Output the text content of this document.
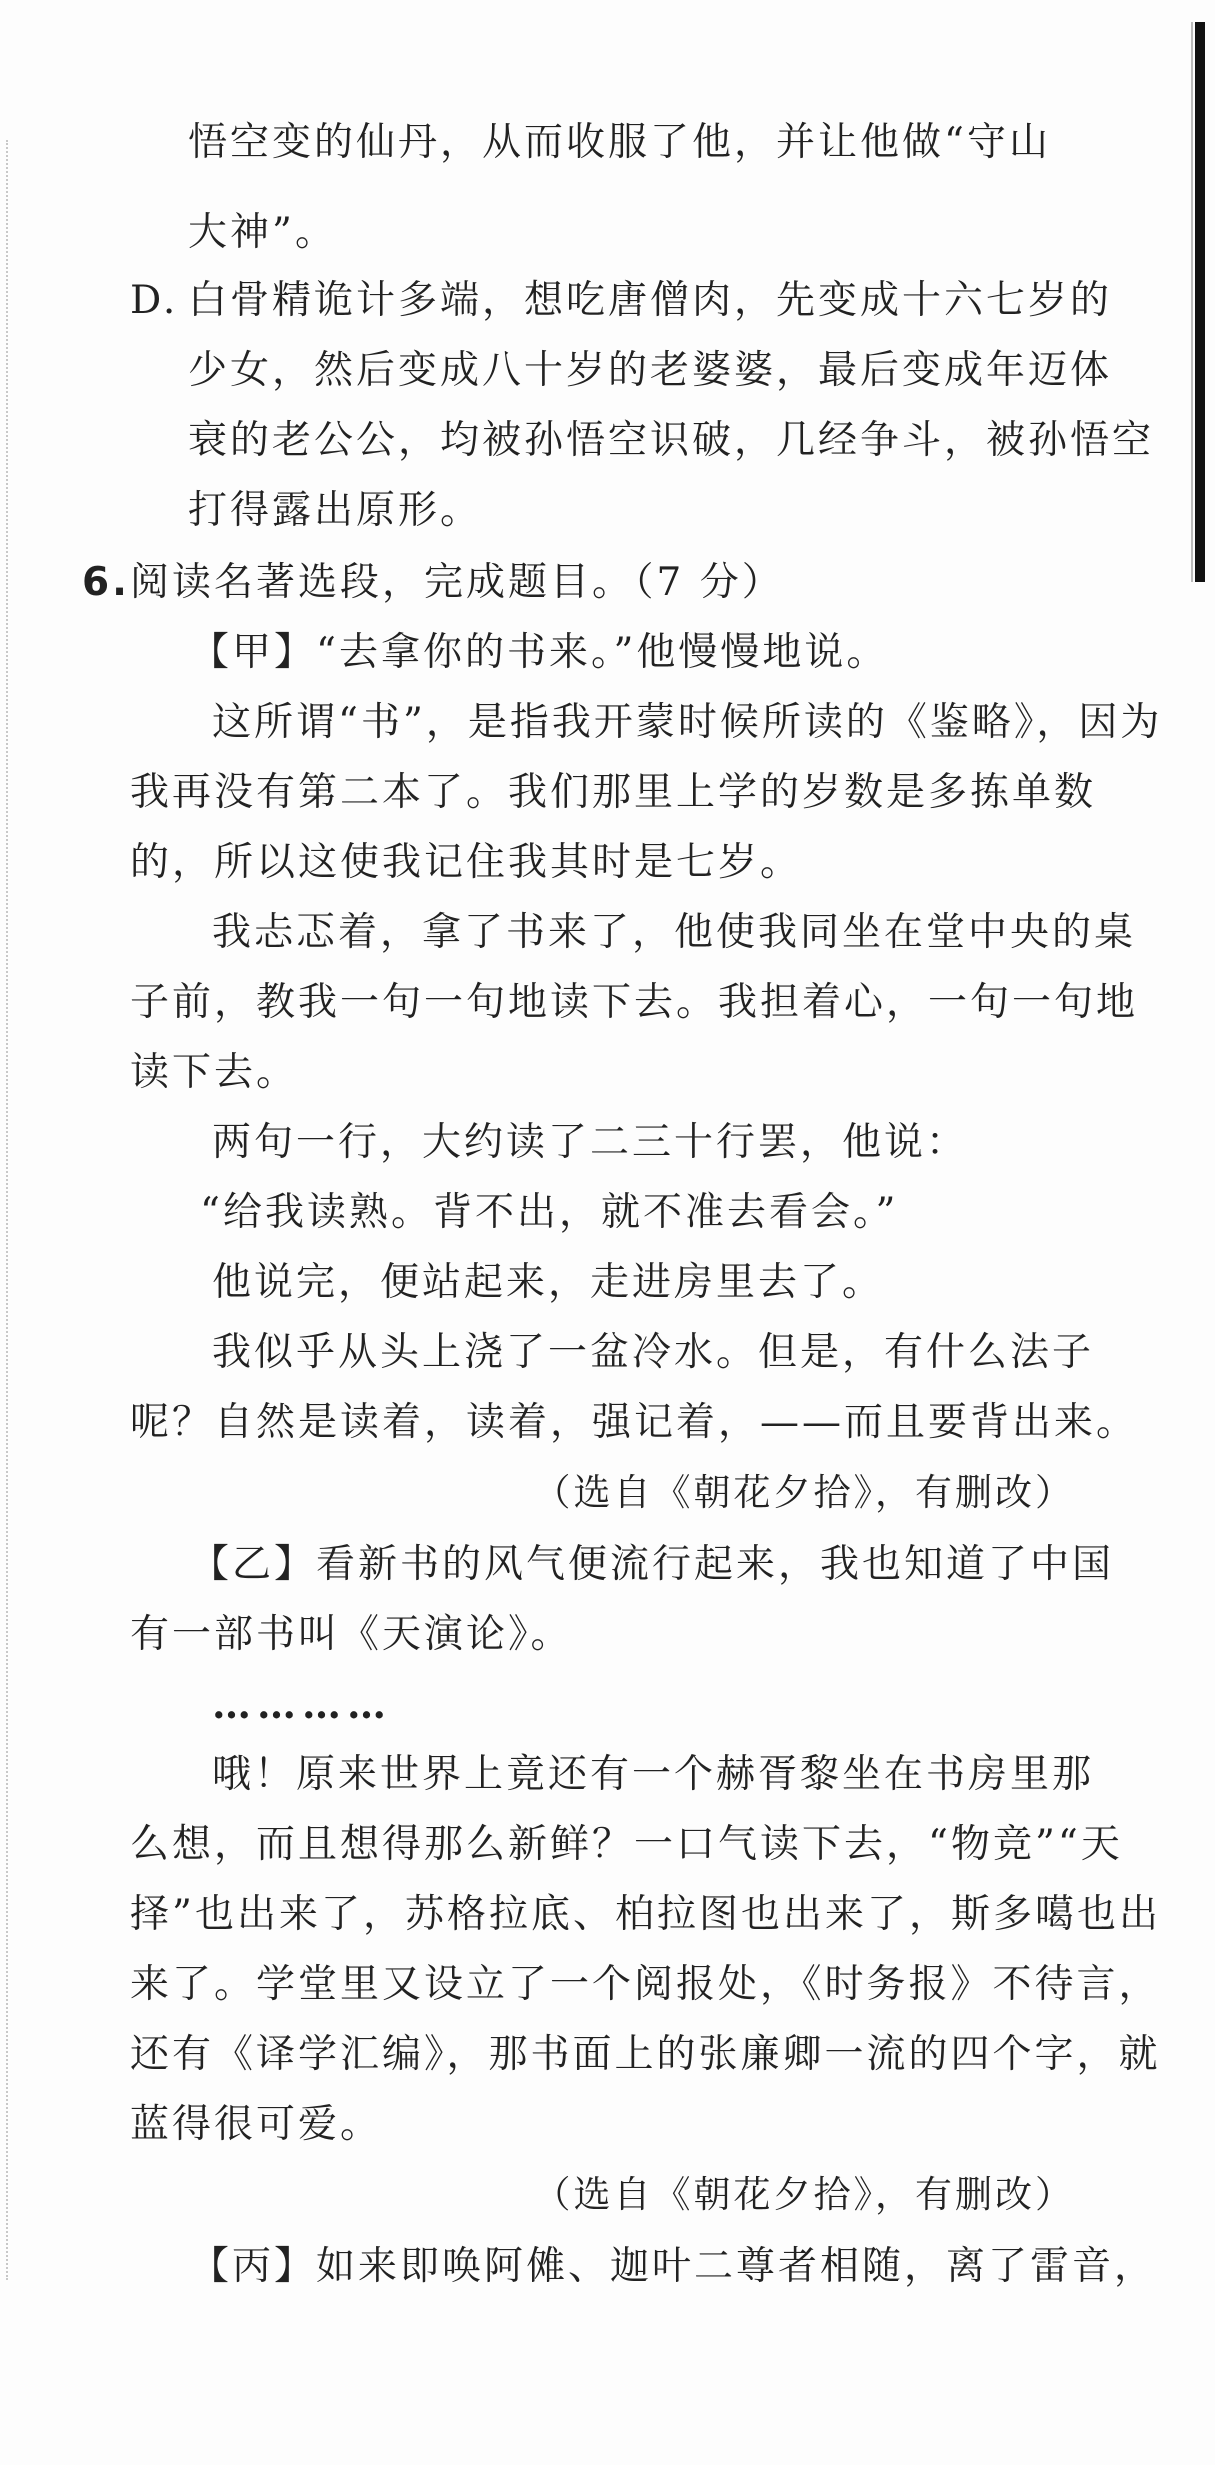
悟空变的仙丹，从而收服了他，并让他做“守山
大神”。
D. 白骨精诡计多端，想吃唐僧肉，先变成十六七岁的
少女，然后变成八十岁的老婆婆，最后变成年迈体
衰的老公公，均被孙悟空识破，几经争斗，被孙悟空
打得露出原形。
6. 阅读名著选段，完成题目。（7 分）
【甲】“去拿你的书来。”他慢慢地说。
这所谓“书”，是指我开蒙时候所读的《鉴略》，因为
我再没有第二本了。我们那里上学的岁数是多拣单数
的，所以这使我记住我其时是七岁。
我忐忑着，拿了书来了，他使我同坐在堂中央的桌
子前，教我一句一句地读下去。我担着心，一句一句地
读下去。
两句一行，大约读了二三十行罢，他说：
“给我读熟。背不出，就不准去看会。”
他说完，便站起来，走进房里去了。
我似乎从头上浇了一盆冷水。但是，有什么法子
呢？自然是读着，读着，强记着，——而且要背出来。
（选自《朝花夕拾》，有删改）
【乙】看新书的风气便流行起来，我也知道了中国
有一部书叫《天演论》。
…………
哦！原来世界上竟还有一个赫胥黎坐在书房里那
么想，而且想得那么新鲜？一口气读下去，“物竞”“天
择”也出来了，苏格拉底、柏拉图也出来了，斯多噶也出
来了。学堂里又设立了一个阅报处，《时务报》不待言，
还有《译学汇编》，那书面上的张廉卿一流的四个字，就
蓝得很可爱。
（选自《朝花夕拾》，有删改）
【丙】如来即唤阿傩、迦叶二尊者相随，离了雷音，
